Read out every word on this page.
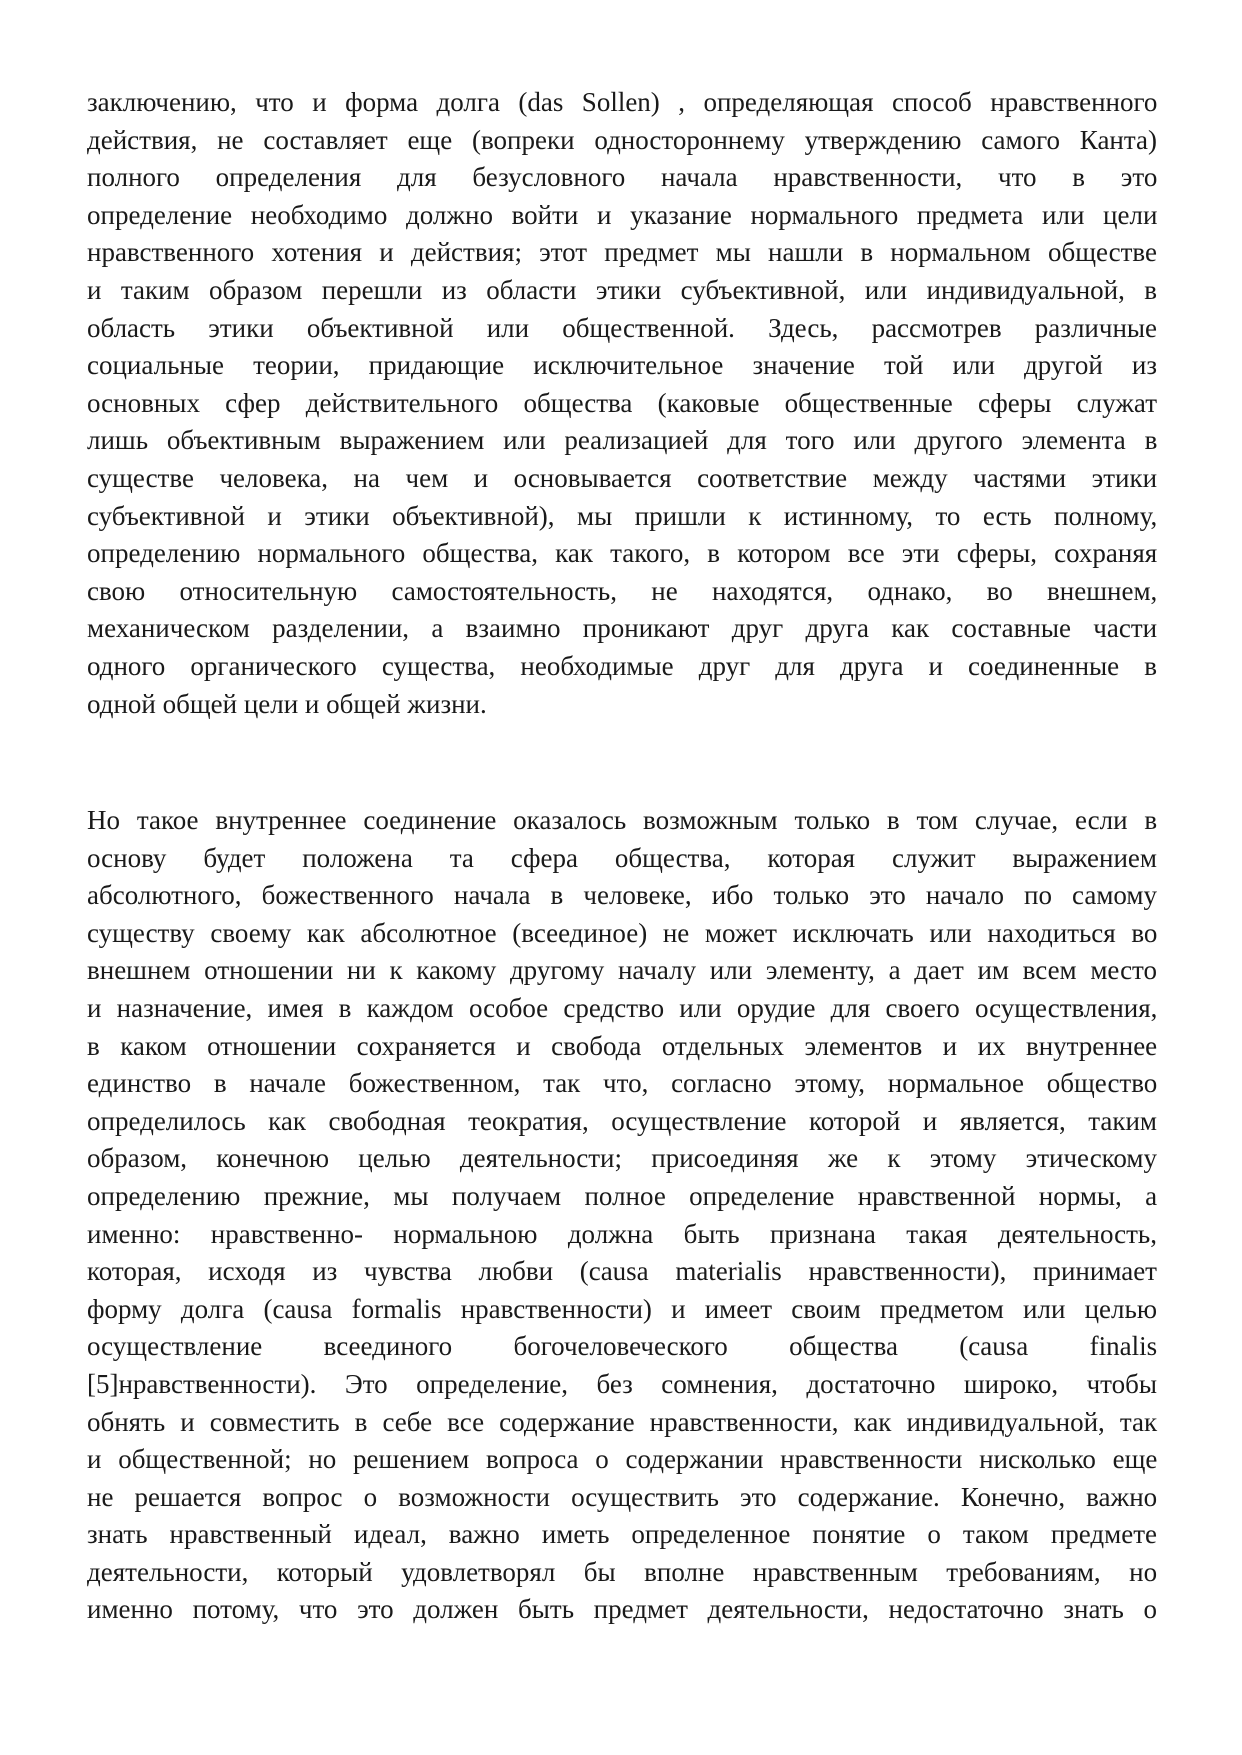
заключению, что и форма долга (das Sollen) , определяющая способ нравственного
действия, не составляет еще (вопреки одностороннему утверждению самого Канта)
полного определения для безусловного начала нравственности, что в это
определение необходимо должно войти и указание нормального предмета или цели
нравственного хотения и действия; этот предмет мы нашли в нормальном обществе
и таким образом перешли из области этики субъективной, или индивидуальной, в
область этики объективной или общественной. Здесь, рассмотрев различные
социальные теории, придающие исключительное значение той или другой из
основных сфер действительного общества (каковые общественные сферы служат
лишь объективным выражением или реализацией для того или другого элемента в
существе человека, на чем и основывается соответствие между частями этики
субъективной и этики объективной), мы пришли к истинному, то есть полному,
определению нормального общества, как такого, в котором все эти сферы, сохраняя
свою относительную самостоятельность, не находятся, однако, во внешнем,
механическом разделении, а взаимно проникают друг друга как составные части
одного органического существа, необходимые друг для друга и соединенные в
одной общей цели и общей жизни.
Но такое внутреннее соединение оказалось возможным только в том случае, если в
основу будет положена та сфера общества, которая служит выражением
абсолютного, божественного начала в человеке, ибо только это начало по самому
существу своему как абсолютное (всеединое) не может исключать или находиться во
внешнем отношении ни к какому другому началу или элементу, а дает им всем место
и назначение, имея в каждом особое средство или орудие для своего осуществления,
в каком отношении сохраняется и свобода отдельных элементов и их внутреннее
единство в начале божественном, так что, согласно этому, нормальное общество
определилось как свободная теократия, осуществление которой и является, таким
образом, конечною целью деятельности; присоединяя же к этому этическому
определению прежние, мы получаем полное определение нравственной нормы, а
именно: нравственно- нормальною должна быть признана такая деятельность,
которая, исходя из чувства любви (causa materialis нравственности), принимает
форму долга (causa formalis нравственности) и имеет своим предметом или целью
осуществление всеединого богочеловеческого общества (causa finalis
[5]нравственности). Это определение, без сомнения, достаточно широко, чтобы
обнять и совместить в себе все содержание нравственности, как индивидуальной, так
и общественной; но решением вопроса о содержании нравственности нисколько еще
не решается вопрос о возможности осуществить это содержание. Конечно, важно
знать нравственный идеал, важно иметь определенное понятие о таком предмете
деятельности, который удовлетворял бы вполне нравственным требованиям, но
именно потому, что это должен быть предмет деятельности, недостаточно знать о
